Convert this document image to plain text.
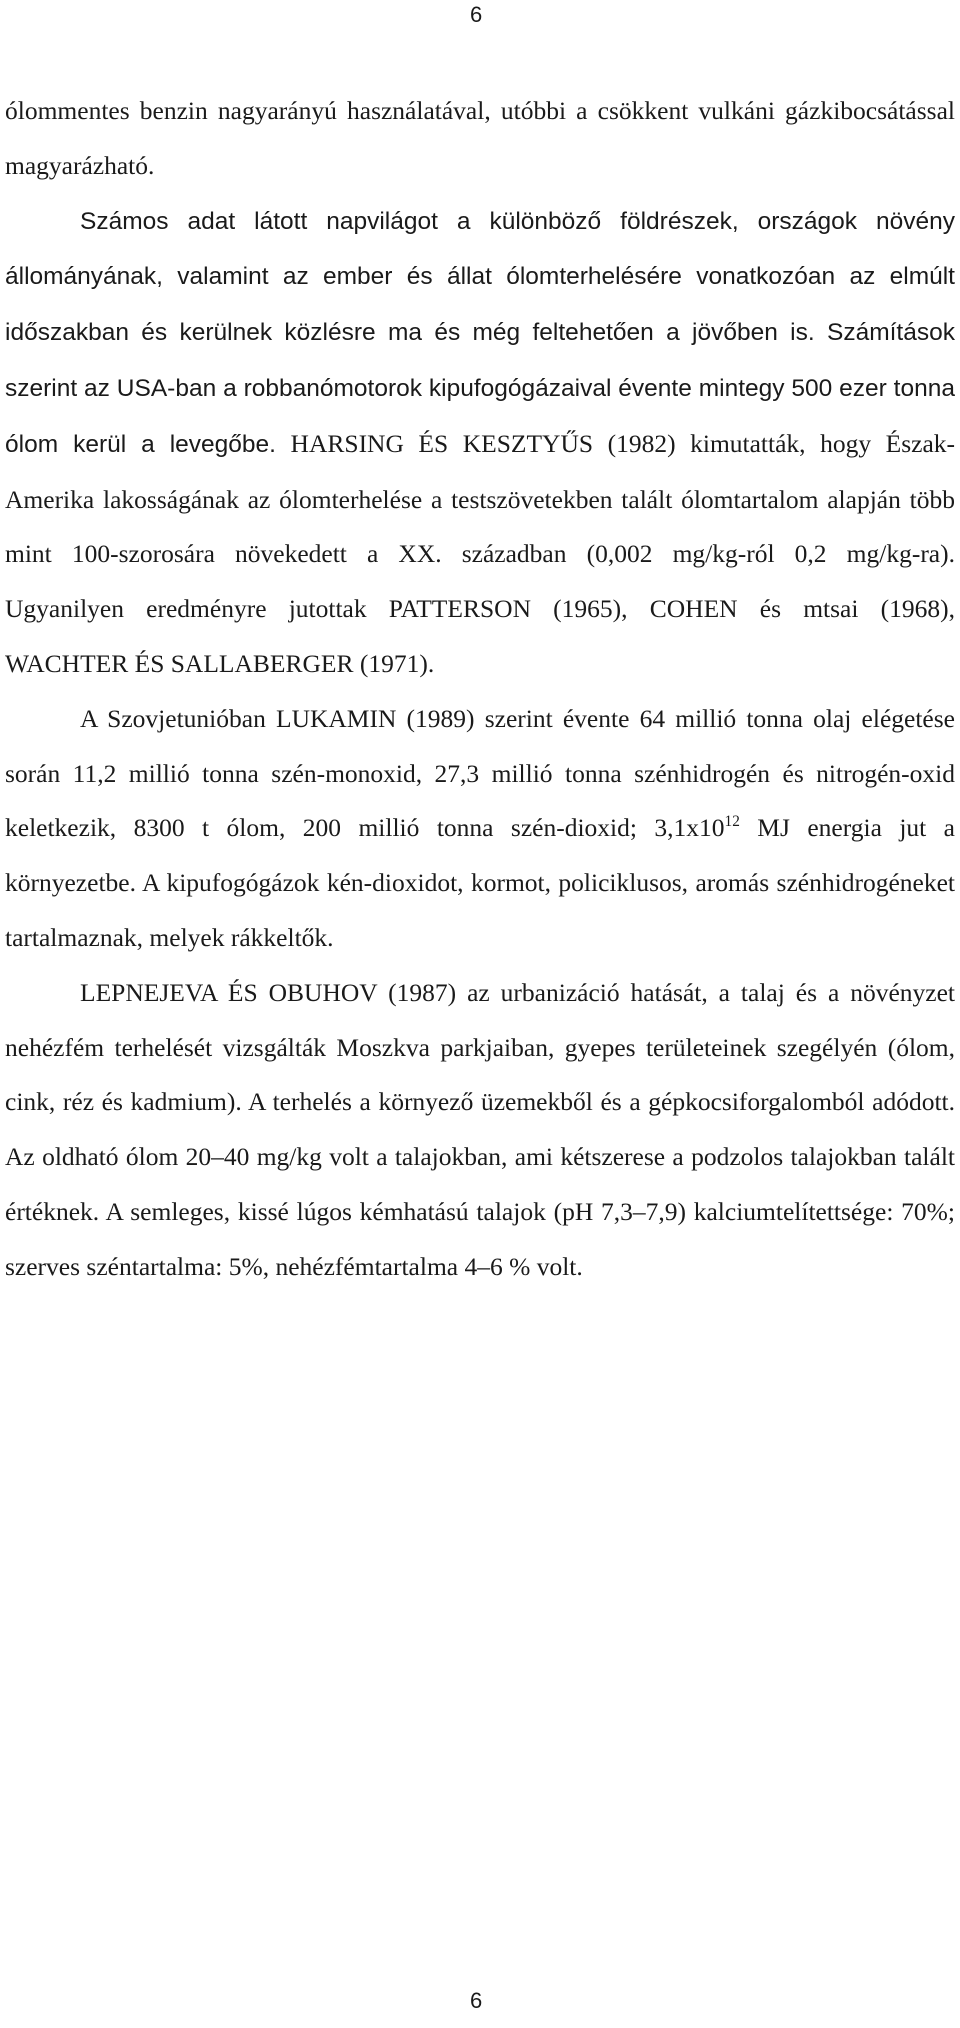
6

ólommentes benzin nagyarányú használatával, utóbbi a csökkent vulkáni gázkibocsátással magyarázható.

Számos adat látott napvilágot a különböző földrészek, országok növény állományának, valamint az ember és állat ólomterhelésére vonatkozóan az elmúlt időszakban és kerülnek közlésre ma és még feltehetően a jövőben is. Számítások szerint az USA-ban a robbanómotorok kipufogógázaival évente mintegy 500 ezer tonna ólom kerül a levegőbe. HARSING ÉS KESZTYŰS (1982) kimutatták, hogy Észak-Amerika lakosságának az ólomterhelése a testszövetekben talált ólomtartalom alapján több mint 100-szorosára növekedett a XX. században (0,002 mg/kg-ról 0,2 mg/kg-ra). Ugyanilyen eredményre jutottak PATTERSON (1965), COHEN és mtsai (1968), WACHTER ÉS SALLABERGER (1971).

A Szovjetunióban LUKAMIN (1989) szerint évente 64 millió tonna olaj elégetése során 11,2 millió tonna szén-monoxid, 27,3 millió tonna szénhidrogén és nitrogén-oxid keletkezik, 8300 t ólom, 200 millió tonna szén-dioxid; $3,1x10^{12}$ MJ energia jut a környezetbe. A kipufogógázok kén-dioxidot, kormot, policiklusos, aromás szénhidrogéneket tartalmaznak, melyek rákkeltők.

LEPNEJEVA ÉS OBUHOV (1987) az urbanizáció hatását, a talaj és a növényzet nehézfém terhelését vizsgálták Moszkva parkjaiban, gyepes területeinek szegélyén (ólom, cink, réz és kadmium). A terhelés a környező üzemekből és a gépkocsiforgalomból adódott. Az oldható ólom 20–40 mg/kg volt a talajokban, ami kétszerese a podzolos talajokban talált értéknek. A semleges, kissé lúgos kémhatású talajok (pH 7,3–7,9) kalciumtelítettsége: 70%; szerves széntartalma: 5%, nehézfémtartalma 4–6 % volt.

6
